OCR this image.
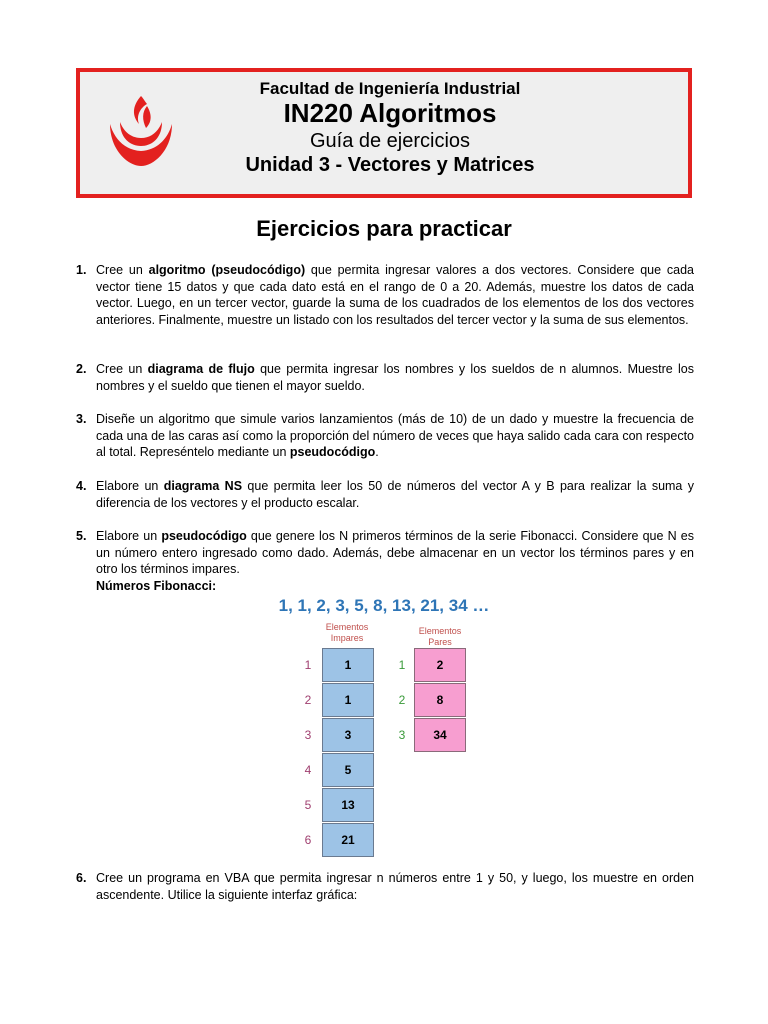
Facultad de Ingeniería Industrial
IN220 Algoritmos
Guía de ejercicios
Unidad 3 - Vectores y Matrices
Ejercicios para practicar
1. Cree un algoritmo (pseudocódigo) que permita ingresar valores a dos vectores. Considere que cada vector tiene 15 datos y que cada dato está en el rango de 0 a 20. Además, muestre los datos de cada vector. Luego, en un tercer vector, guarde la suma de los cuadrados de los elementos de los dos vectores anteriores. Finalmente, muestre un listado con los resultados del tercer vector y la suma de sus elementos.
2. Cree un diagrama de flujo que permita ingresar los nombres y los sueldos de n alumnos. Muestre los nombres y el sueldo que tienen el mayor sueldo.
3. Diseñe un algoritmo que simule varios lanzamientos (más de 10) de un dado y muestre la frecuencia de cada una de las caras así como la proporción del número de veces que haya salido cada cara con respecto al total. Represéntelo mediante un pseudocódigo.
4. Elabore un diagrama NS que permita leer los 50 de números del vector A y B para realizar la suma y diferencia de los vectores y el producto escalar.
5. Elabore un pseudocódigo que genere los N primeros términos de la serie Fibonacci. Considere que N es un número entero ingresado como dado. Además, debe almacenar en un vector los términos pares y en otro los términos impares.
Números Fibonacci:
1, 1, 2, 3, 5, 8, 13, 21, 34 …
Elementos
Impares
Elementos
Pares
1
1
1
2
3
3
5
4
13
5
21
6
2
1
8
2
34
3
6. Cree un programa en VBA que permita ingresar n números entre 1 y 50, y luego, los muestre en orden ascendente. Utilice la siguiente interfaz gráfica:
